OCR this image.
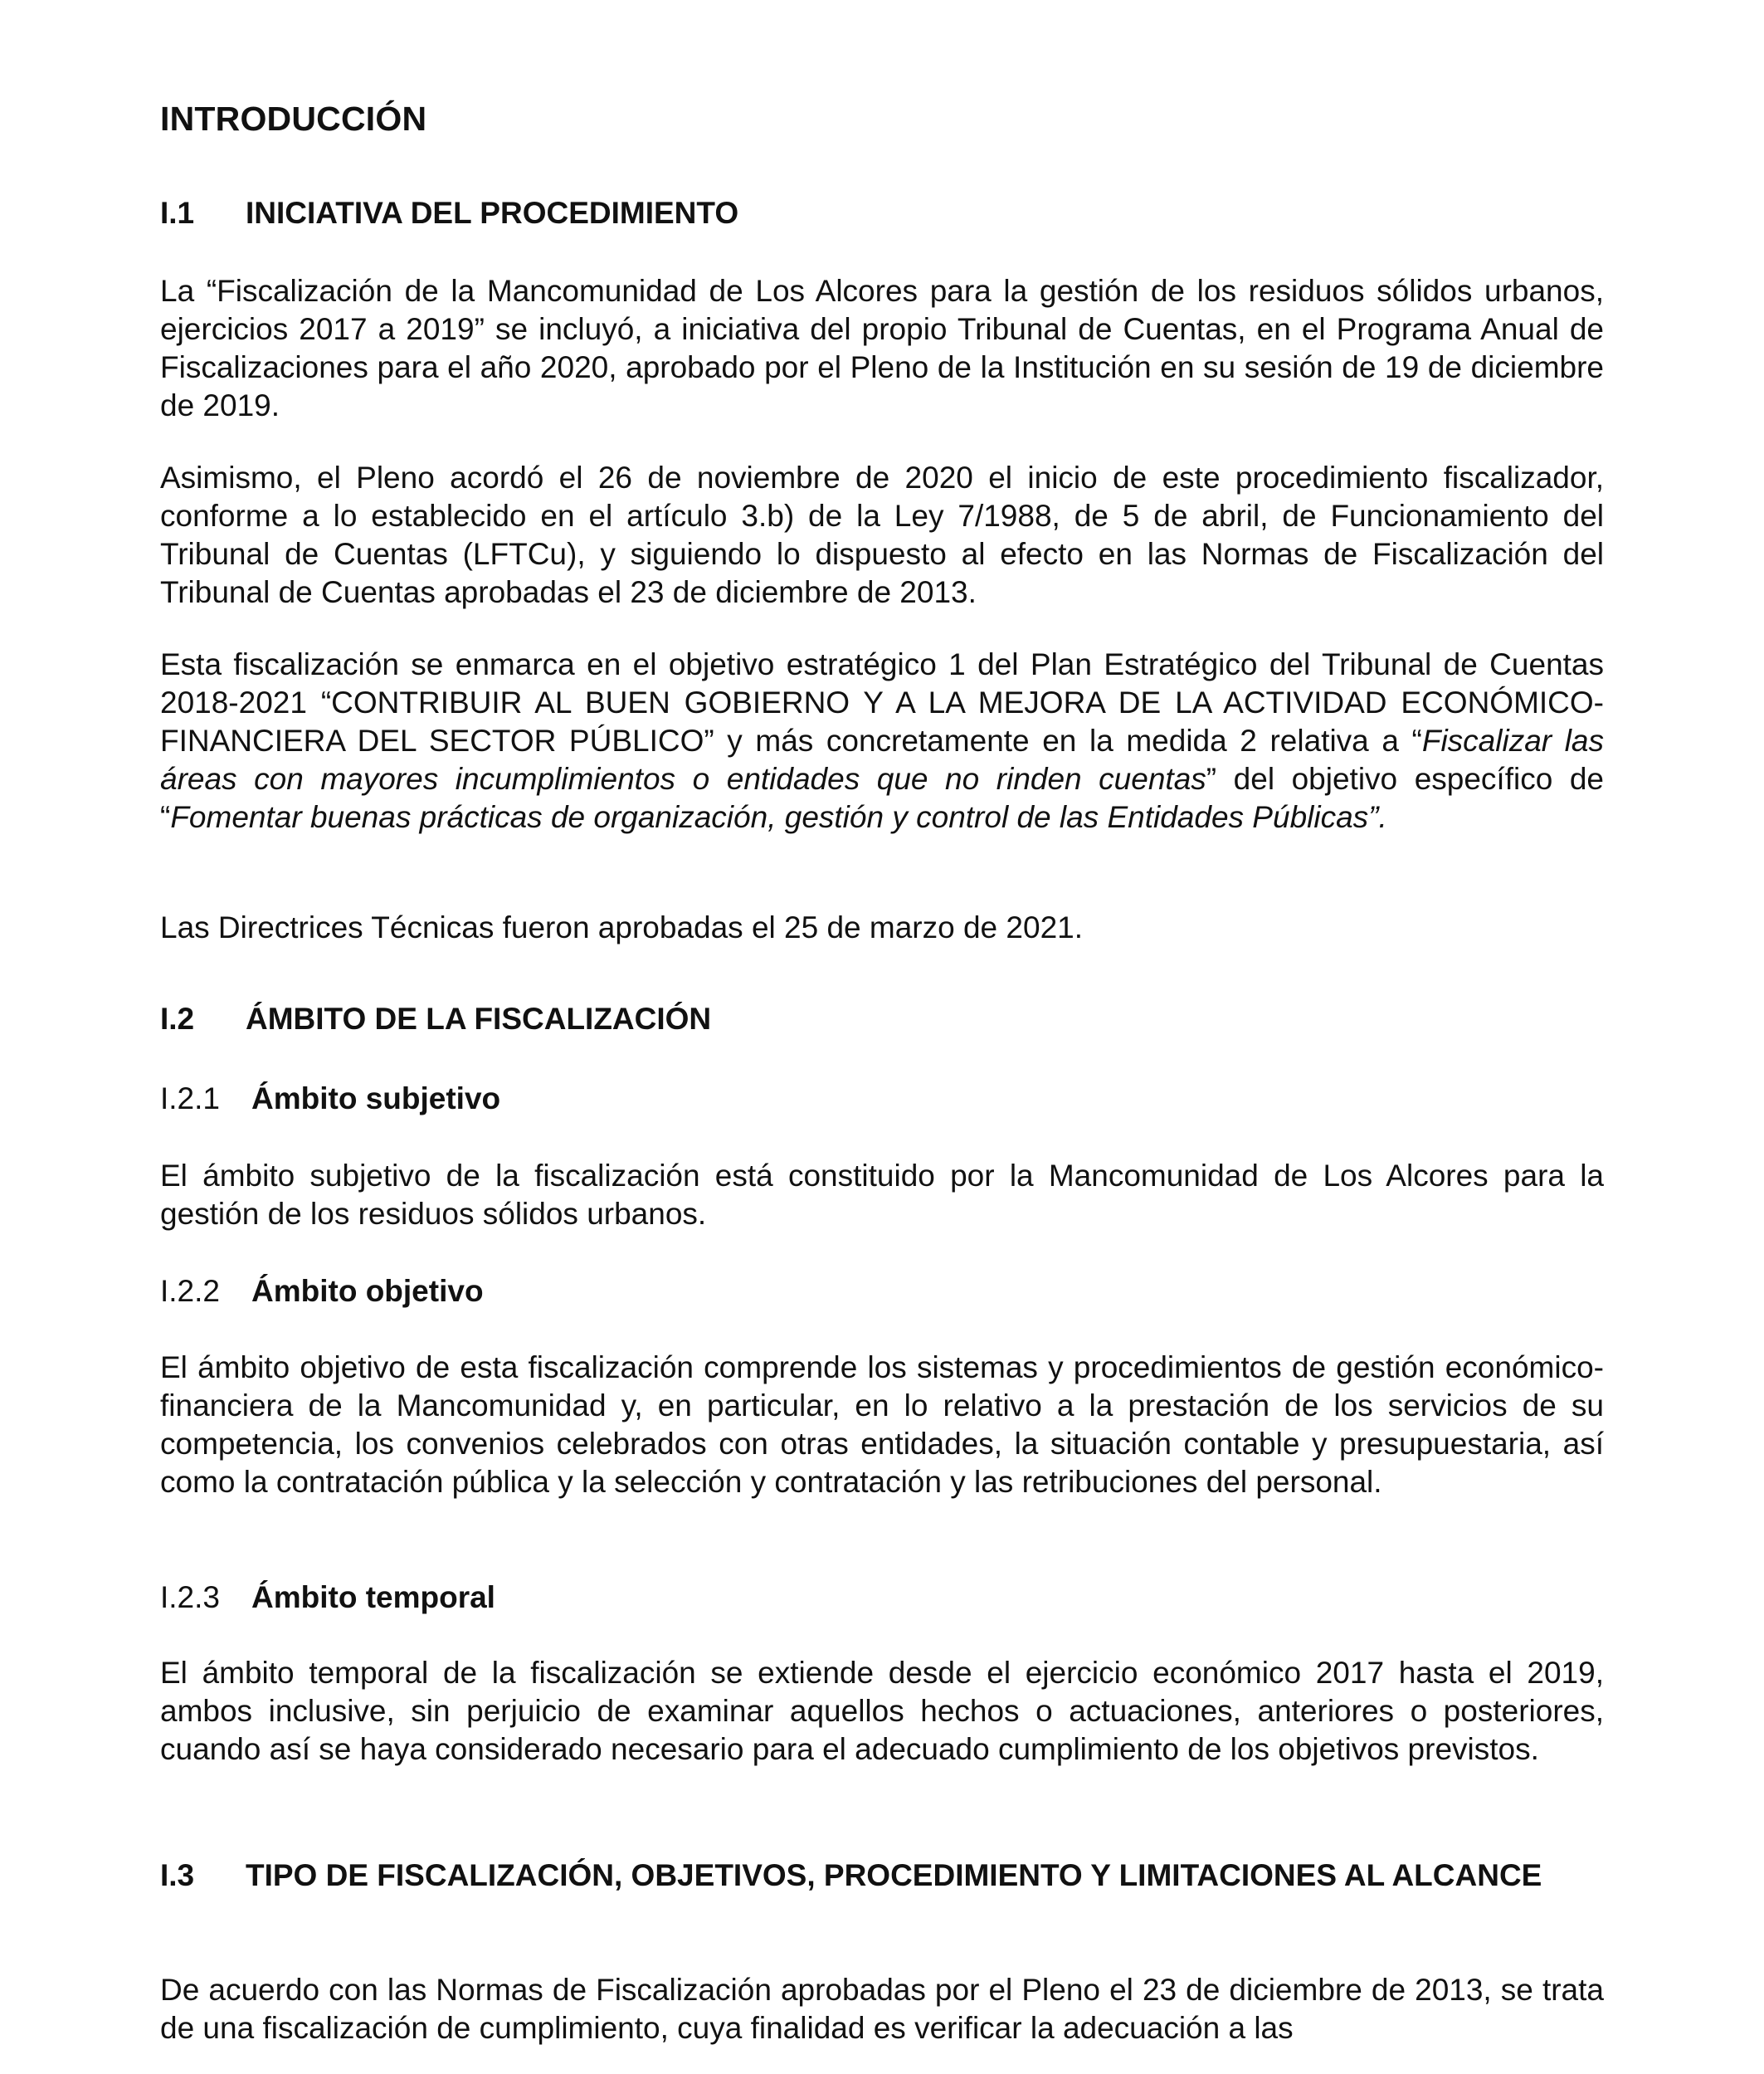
INTRODUCCIÓN
I.1	INICIATIVA DEL PROCEDIMIENTO

La “Fiscalización de la Mancomunidad de Los Alcores para la gestión de los residuos sólidos urbanos, ejercicios 2017 a 2019” se incluyó, a iniciativa del propio Tribunal de Cuentas, en el Programa Anual de Fiscalizaciones para el año 2020, aprobado por el Pleno de la Institución en su sesión de 19 de diciembre de 2019.

Asimismo, el Pleno acordó el 26 de noviembre de 2020 el inicio de este procedimiento fiscalizador, conforme a lo establecido en el artículo 3.b) de la Ley 7/1988, de 5 de abril, de Funcionamiento del Tribunal de Cuentas (LFTCu), y siguiendo lo dispuesto al efecto en las Normas de Fiscalización del Tribunal de Cuentas aprobadas el 23 de diciembre de 2013.

Esta fiscalización se enmarca en el objetivo estratégico 1 del Plan Estratégico del Tribunal de Cuentas 2018-2021 “CONTRIBUIR AL BUEN GOBIERNO Y A LA MEJORA DE LA ACTIVIDAD ECONÓMICO-FINANCIERA DEL SECTOR PÚBLICO” y más concretamente en la medida 2 relativa a “Fiscalizar las áreas con mayores incumplimientos o entidades que no rinden cuentas” del objetivo específico de “Fomentar buenas prácticas de organización, gestión y control de las Entidades Públicas”.

Las Directrices Técnicas fueron aprobadas el 25 de marzo de 2021.

I.2	ÁMBITO DE LA FISCALIZACIÓN
I.2.1 Ámbito subjetivo

El ámbito subjetivo de la fiscalización está constituido por la Mancomunidad de Los Alcores para la gestión de los residuos sólidos urbanos.

I.2.2 Ámbito objetivo

El ámbito objetivo de esta fiscalización comprende los sistemas y procedimientos de gestión económico-financiera de la Mancomunidad y, en particular, en lo relativo a la prestación de los servicios de su competencia, los convenios celebrados con otras entidades, la situación contable y presupuestaria, así como la contratación pública y la selección y contratación y las retribuciones del personal.

I.2.3 Ámbito temporal

El ámbito temporal de la fiscalización se extiende desde el ejercicio económico 2017 hasta el 2019, ambos inclusive, sin perjuicio de examinar aquellos hechos o actuaciones, anteriores o posteriores, cuando así se haya considerado necesario para el adecuado cumplimiento de los objetivos previstos.

I.3	TIPO DE FISCALIZACIÓN, OBJETIVOS, PROCEDIMIENTO Y LIMITACIONES AL ALCANCE

De acuerdo con las Normas de Fiscalización aprobadas por el Pleno el 23 de diciembre de 2013, se trata de una fiscalización de cumplimiento, cuya finalidad es verificar la adecuación a las
